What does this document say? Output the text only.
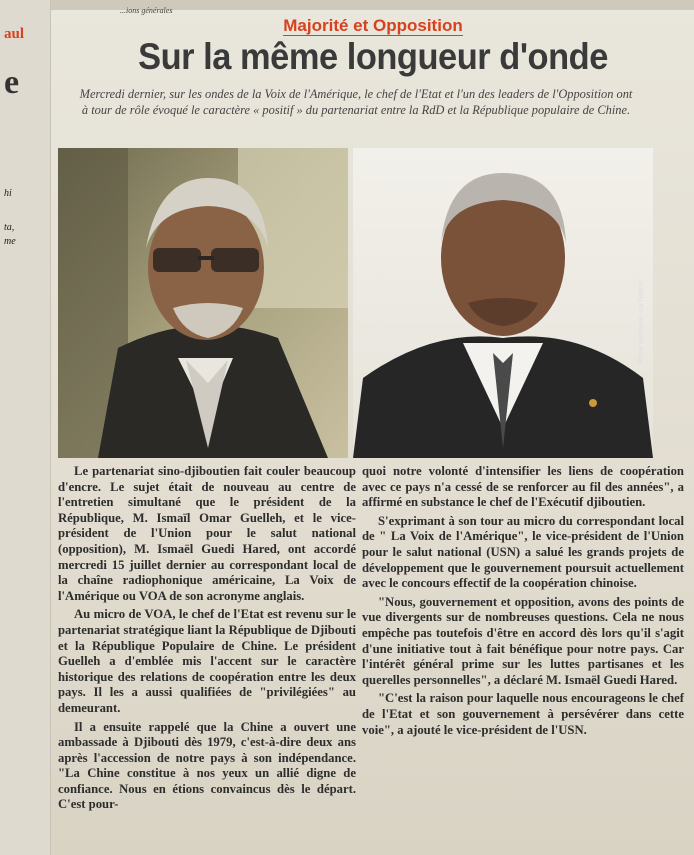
...ions générales
aul
e
hi
ta,
me
Majorité et Opposition
Sur la même longueur d'onde
Mercredi dernier, sur les ondes de la Voix de l'Amérique, le chef de l'Etat et l'un des leaders de l'Opposition ont à tour de rôle évoqué le caractère « positif » du partenariat entre la RdD et la République populaire de Chine.
Photo Archives - La Nation

Le partenariat sino-djiboutien fait couler beaucoup d'encre. Le sujet était de nouveau au centre de l'entretien simultané que le président de la République, M. Ismaïl Omar Guelleh, et le vice-président de l'Union pour le salut national (opposition), M. Ismaël Guedi Hared, ont accordé mercredi 15 juillet dernier au correspondant local de la chaîne radiophonique américaine, La Voix de l'Amérique ou VOA de son acronyme anglais.

Au micro de VOA, le chef de l'Etat est revenu sur le partenariat stratégique liant la République de Djibouti et la République Populaire de Chine. Le président Guelleh a d'emblée mis l'accent sur le caractère historique des relations de coopération entre les deux pays. Il les a aussi qualifiées de "privilégiées" au demeurant.

Il a ensuite rappelé que la Chine a ouvert une ambassade à Djibouti dès 1979, c'est-à-dire deux ans après l'accession de notre pays à son indépendance. "La Chine constitue à nos yeux un allié digne de confiance. Nous en étions convaincus dès le départ. C'est pour-

quoi notre volonté d'intensifier les liens de coopération avec ce pays n'a cessé de se renforcer au fil des années", a affirmé en substance le chef de l'Exécutif djiboutien.

S'exprimant à son tour au micro du correspondant local de " La Voix de l'Amérique", le vice-président de l'Union pour le salut national (USN) a salué les grands projets de développement que le gouvernement poursuit actuellement avec le concours effectif de la coopération chinoise.

"Nous, gouvernement et opposition, avons des points de vue divergents sur de nombreuses questions. Cela ne nous empêche pas toutefois d'être en accord dès lors qu'il s'agit d'une initiative tout à fait bénéfique pour notre pays. Car l'intérêt général prime sur les luttes partisanes et les querelles personnelles", a déclaré M. Ismaël Guedi Hared.

"C'est la raison pour laquelle nous encourageons le chef de l'Etat et son gouvernement à persévérer dans cette voie", a ajouté le vice-président de l'USN.
